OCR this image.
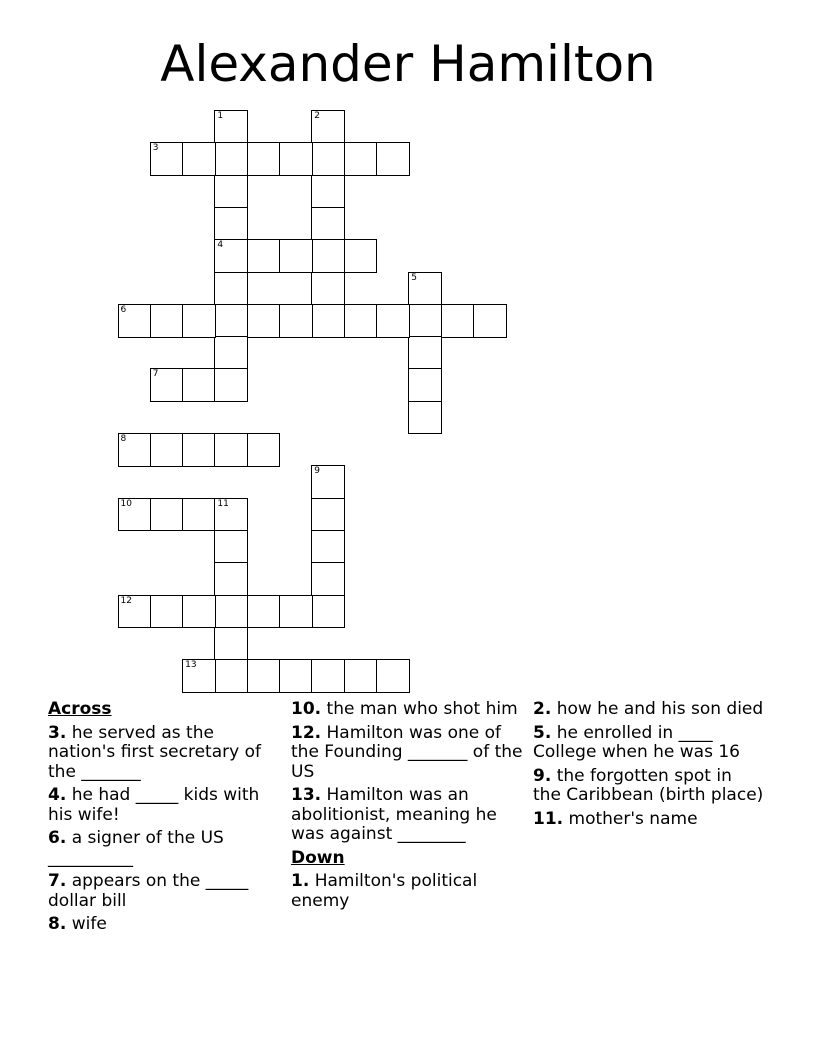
Alexander Hamilton
1
4
2
3
5
6
7
8
9
10	11
12
13
Across
3. he served as the nation's first secretary of the _______
4. he had _____ kids with his wife!
6. a signer of the US __________
7. appears on the _____ dollar bill
8. wife
10. the man who shot him
12. Hamilton was one of the Founding _______ of the US
13. Hamilton was an abolitionist, meaning he was against ________
Down
1. Hamilton's political enemy
2. how he and his son died
5. he enrolled in ____ College when he was 16
9. the forgotten spot in the Caribbean (birth place)
11. mother's name
